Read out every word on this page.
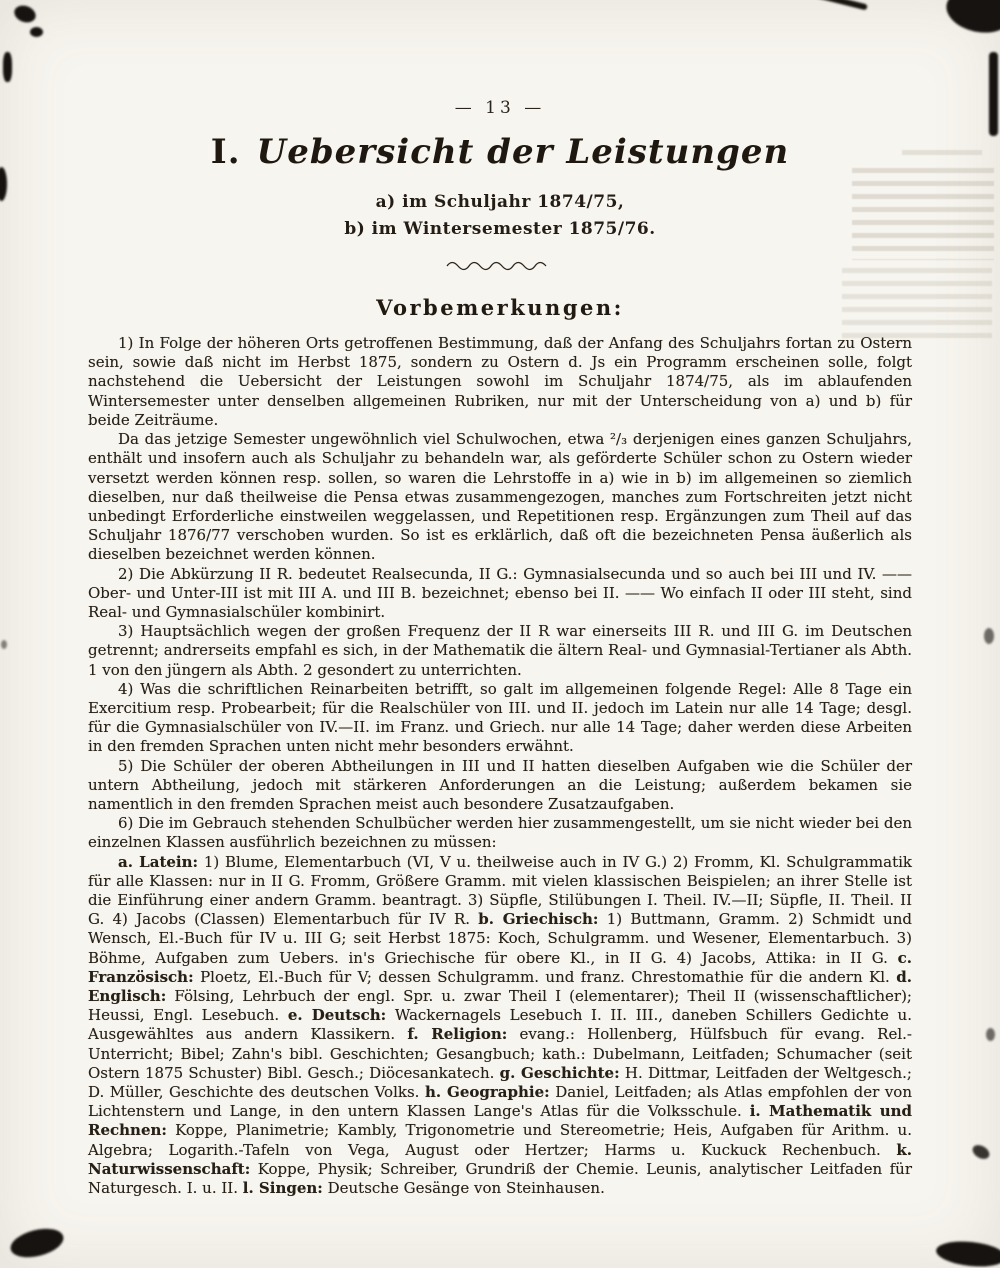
— 13 —
I. Uebersicht der Leistungen
a) im Schuljahr 1874/75,
b) im Wintersemester 1875/76.
Vorbemerkungen:

1) In Folge der höheren Orts getroffenen Bestimmung, daß der Anfang des Schuljahrs fortan zu Ostern sein, sowie daß nicht im Herbst 1875, sondern zu Ostern d. Js ein Programm erscheinen solle, folgt nachstehend die Uebersicht der Leistungen sowohl im Schuljahr 1874/75, als im ablaufenden Wintersemester unter denselben allgemeinen Rubriken, nur mit der Unterscheidung von a) und b) für beide Zeiträume.

Da das jetzige Semester ungewöhnlich viel Schulwochen, etwa ²/₃ derjenigen eines ganzen Schuljahrs, enthält und insofern auch als Schuljahr zu behandeln war, als geförderte Schüler schon zu Ostern wieder versetzt werden können resp. sollen, so waren die Lehrstoffe in a) wie in b) im allgemeinen so ziemlich dieselben, nur daß theilweise die Pensa etwas zusammengezogen, manches zum Fortschreiten jetzt nicht unbedingt Erforderliche einstweilen weggelassen, und Repetitionen resp. Ergänzungen zum Theil auf das Schuljahr 1876/77 verschoben wurden. So ist es erklärlich, daß oft die bezeichneten Pensa äußerlich als dieselben bezeichnet werden können.

2) Die Abkürzung II R. bedeutet Realsecunda, II G.: Gymnasialsecunda und so auch bei III und IV. —— Ober- und Unter-III ist mit III A. und III B. bezeichnet; ebenso bei II. —— Wo einfach II oder III steht, sind Real- und Gymnasialschüler kombinirt.

3) Hauptsächlich wegen der großen Frequenz der II R war einerseits III R. und III G. im Deutschen getrennt; andrerseits empfahl es sich, in der Mathematik die ältern Real- und Gymnasial-Tertianer als Abth. 1 von den jüngern als Abth. 2 gesondert zu unterrichten.

4) Was die schriftlichen Reinarbeiten betrifft, so galt im allgemeinen folgende Regel: Alle 8 Tage ein Exercitium resp. Probearbeit; für die Realschüler von III. und II. jedoch im Latein nur alle 14 Tage; desgl. für die Gymnasialschüler von IV.—II. im Franz. und Griech. nur alle 14 Tage; daher werden diese Arbeiten in den fremden Sprachen unten nicht mehr besonders erwähnt.

5) Die Schüler der oberen Abtheilungen in III und II hatten dieselben Aufgaben wie die Schüler der untern Abtheilung, jedoch mit stärkeren Anforderungen an die Leistung; außerdem bekamen sie namentlich in den fremden Sprachen meist auch besondere Zusatzaufgaben.

6) Die im Gebrauch stehenden Schulbücher werden hier zusammengestellt, um sie nicht wieder bei den einzelnen Klassen ausführlich bezeichnen zu müssen:

a. Latein: 1) Blume, Elementarbuch (VI, V u. theilweise auch in IV G.) 2) Fromm, Kl. Schulgrammatik für alle Klassen: nur in II G. Fromm, Größere Gramm. mit vielen klassischen Beispielen; an ihrer Stelle ist die Einführung einer andern Gramm. beantragt. 3) Süpfle, Stilübungen I. Theil. IV.—II; Süpfle, II. Theil. II G. 4) Jacobs (Classen) Elementarbuch für IV R. b. Griechisch: 1) Buttmann, Gramm. 2) Schmidt und Wensch, El.-Buch für IV u. III G; seit Herbst 1875: Koch, Schulgramm. und Wesener, Elementarbuch. 3) Böhme, Aufgaben zum Uebers. in's Griechische für obere Kl., in II G. 4) Jacobs, Attika: in II G. c. Französisch: Ploetz, El.-Buch für V; dessen Schulgramm. und franz. Chrestomathie für die andern Kl. d. Englisch: Fölsing, Lehrbuch der engl. Spr. u. zwar Theil I (elementarer); Theil II (wissenschaftlicher); Heussi, Engl. Lesebuch. e. Deutsch: Wackernagels Lesebuch I. II. III., daneben Schillers Gedichte u. Ausgewähltes aus andern Klassikern. f. Religion: evang.: Hollenberg, Hülfsbuch für evang. Rel.-Unterricht; Bibel; Zahn's bibl. Geschichten; Gesangbuch; kath.: Dubelmann, Leitfaden; Schumacher (seit Ostern 1875 Schuster) Bibl. Gesch.; Diöcesankatech. g. Geschichte: H. Dittmar, Leitfaden der Weltgesch.; D. Müller, Geschichte des deutschen Volks. h. Geographie: Daniel, Leitfaden; als Atlas empfohlen der von Lichtenstern und Lange, in den untern Klassen Lange's Atlas für die Volksschule. i. Mathematik und Rechnen: Koppe, Planimetrie; Kambly, Trigonometrie und Stereometrie; Heis, Aufgaben für Arithm. u. Algebra; Logarith.-Tafeln von Vega, August oder Hertzer; Harms u. Kuckuck Rechenbuch. k. Naturwissenschaft: Koppe, Physik; Schreiber, Grundriß der Chemie. Leunis, analytischer Leitfaden für Naturgesch. I. u. II. l. Singen: Deutsche Gesänge von Steinhausen.
